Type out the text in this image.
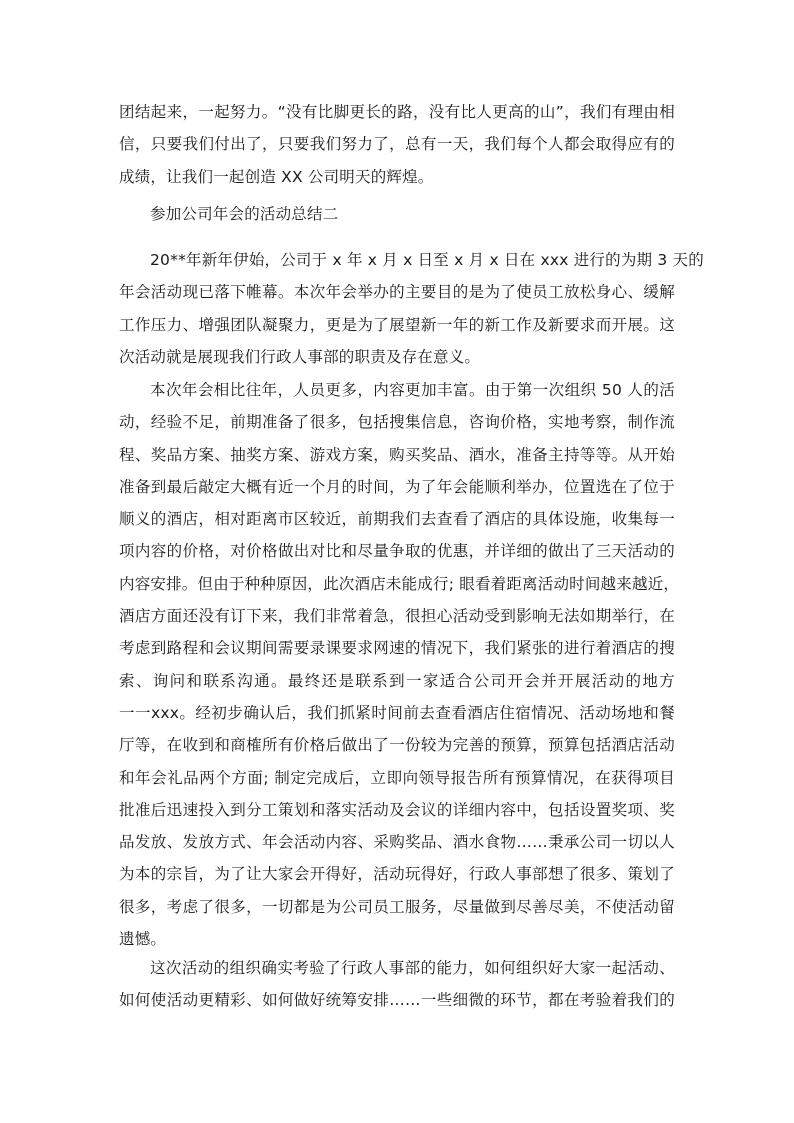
团结起来，一起努力。“没有比脚更长的路，没有比人更高的山”，我们有理由相
信，只要我们付出了，只要我们努力了，总有一天，我们每个人都会取得应有的
成绩，让我们一起创造 XX 公司明天的辉煌。

参加公司年会的活动总结二

20**年新年伊始，公司于 x 年 x 月 x 日至 x 月 x 日在 xxx 进行的为期 3 天的
年会活动现已落下帷幕。本次年会举办的主要目的是为了使员工放松身心、缓解
工作压力、增强团队凝聚力，更是为了展望新一年的新工作及新要求而开展。这
次活动就是展现我们行政人事部的职责及存在意义。

本次年会相比往年，人员更多，内容更加丰富。由于第一次组织 50 人的活
动，经验不足，前期准备了很多，包括搜集信息，咨询价格，实地考察，制作流
程、奖品方案、抽奖方案、游戏方案，购买奖品、酒水，准备主持等等。从开始
准备到最后敲定大概有近一个月的时间，为了年会能顺利举办，位置选在了位于
顺义的酒店，相对距离市区较近，前期我们去查看了酒店的具体设施，收集每一
项内容的价格，对价格做出对比和尽量争取的优惠，并详细的做出了三天活动的
内容安排。但由于种种原因，此次酒店未能成行; 眼看着距离活动时间越来越近，
酒店方面还没有订下来，我们非常着急，很担心活动受到影响无法如期举行，在
考虑到路程和会议期间需要录课要求网速的情况下，我们紧张的进行着酒店的搜
索、询问和联系沟通。最终还是联系到一家适合公司开会并开展活动的地方
一一xxx。经初步确认后，我们抓紧时间前去查看酒店住宿情况、活动场地和餐
厅等，在收到和商榷所有价格后做出了一份较为完善的预算，预算包括酒店活动
和年会礼品两个方面; 制定完成后，立即向领导报告所有预算情况，在获得项目
批准后迅速投入到分工策划和落实活动及会议的详细内容中，包括设置奖项、奖
品发放、发放方式、年会活动内容、采购奖品、酒水食物……秉承公司一切以人
为本的宗旨，为了让大家会开得好，活动玩得好，行政人事部想了很多、策划了
很多，考虑了很多，一切都是为公司员工服务，尽量做到尽善尽美，不使活动留
遗憾。

这次活动的组织确实考验了行政人事部的能力，如何组织好大家一起活动、
如何使活动更精彩、如何做好统筹安排……一些细微的环节，都在考验着我们的
